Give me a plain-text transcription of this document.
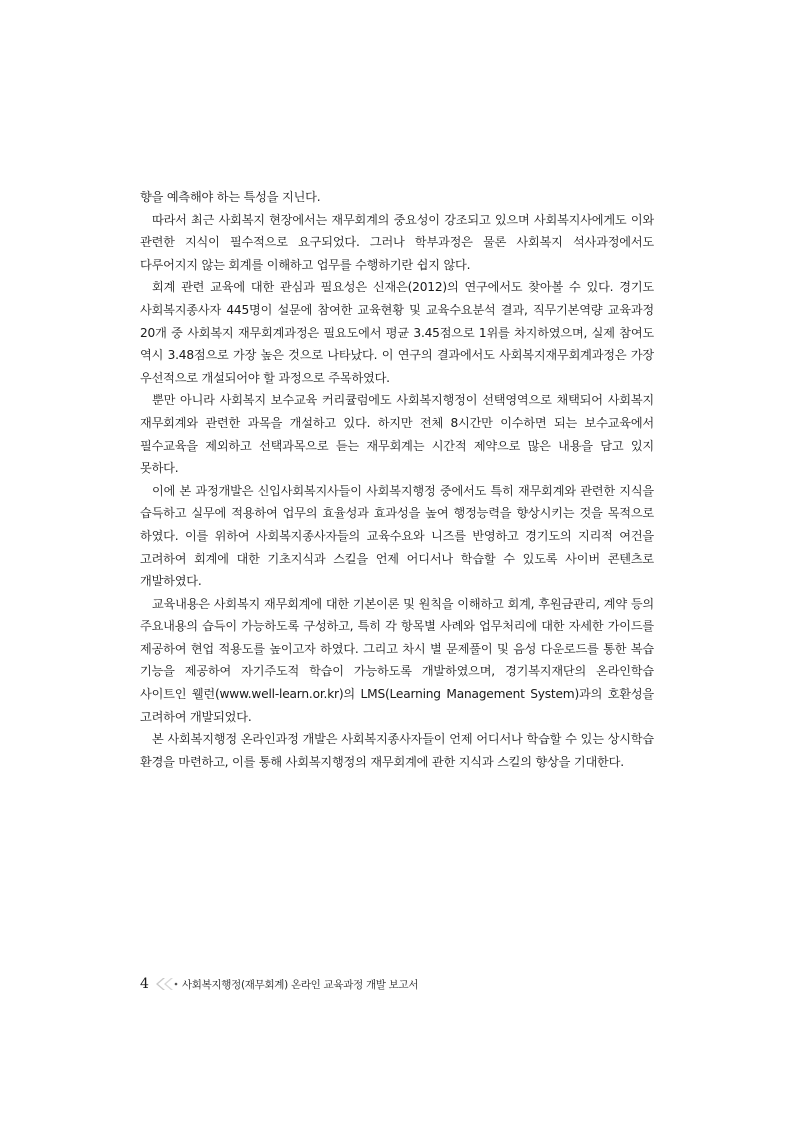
향을 예측해야 하는 특성을 지닌다.

따라서 최근 사회복지 현장에서는 재무회계의 중요성이 강조되고 있으며 사회복지사에게도 이와 관련한 지식이 필수적으로 요구되었다. 그러나 학부과정은 물론 사회복지 석사과정에서도 다루어지지 않는 회계를 이해하고 업무를 수행하기란 쉽지 않다.

회계 관련 교육에 대한 관심과 필요성은 신재은(2012)의 연구에서도 찾아볼 수 있다. 경기도 사회복지종사자 445명이 설문에 참여한 교육현황 및 교육수요분석 결과, 직무기본역량 교육과정 20개 중 사회복지 재무회계과정은 필요도에서 평균 3.45점으로 1위를 차지하였으며, 실제 참여도 역시 3.48점으로 가장 높은 것으로 나타났다. 이 연구의 결과에서도 사회복지재무회계과정은 가장 우선적으로 개설되어야 할 과정으로 주목하였다.

뿐만 아니라 사회복지 보수교육 커리큘럼에도 사회복지행정이 선택영역으로 채택되어 사회복지 재무회계와 관련한 과목을 개설하고 있다. 하지만 전체 8시간만 이수하면 되는 보수교육에서 필수교육을 제외하고 선택과목으로 듣는 재무회계는 시간적 제약으로 많은 내용을 담고 있지 못하다.

이에 본 과정개발은 신입사회복지사들이 사회복지행정 중에서도 특히 재무회계와 관련한 지식을 습득하고 실무에 적용하여 업무의 효율성과 효과성을 높여 행정능력을 향상시키는 것을 목적으로 하였다. 이를 위하여 사회복지종사자들의 교육수요와 니즈를 반영하고 경기도의 지리적 여건을 고려하여 회계에 대한 기초지식과 스킬을 언제 어디서나 학습할 수 있도록 사이버 콘텐츠로 개발하였다.

교육내용은 사회복지 재무회계에 대한 기본이론 및 원칙을 이해하고 회계, 후원금관리, 계약 등의 주요내용의 습득이 가능하도록 구성하고, 특히 각 항목별 사례와 업무처리에 대한 자세한 가이드를 제공하여 현업 적용도를 높이고자 하였다. 그리고 차시 별 문제풀이 및 음성 다운로드를 통한 복습 기능을 제공하여 자기주도적 학습이 가능하도록 개발하였으며, 경기복지재단의 온라인학습 사이트인 웰런(www.well-learn.or.kr)의 LMS(Learning Management System)과의 호환성을 고려하여 개발되었다.

본 사회복지행정 온라인과정 개발은 사회복지종사자들이 언제 어디서나 학습할 수 있는 상시학습 환경을 마련하고, 이를 통해 사회복지행정의 재무회계에 관한 지식과 스킬의 향상을 기대한다.

4	사회복지행정(재무회계) 온라인 교육과정 개발 보고서
